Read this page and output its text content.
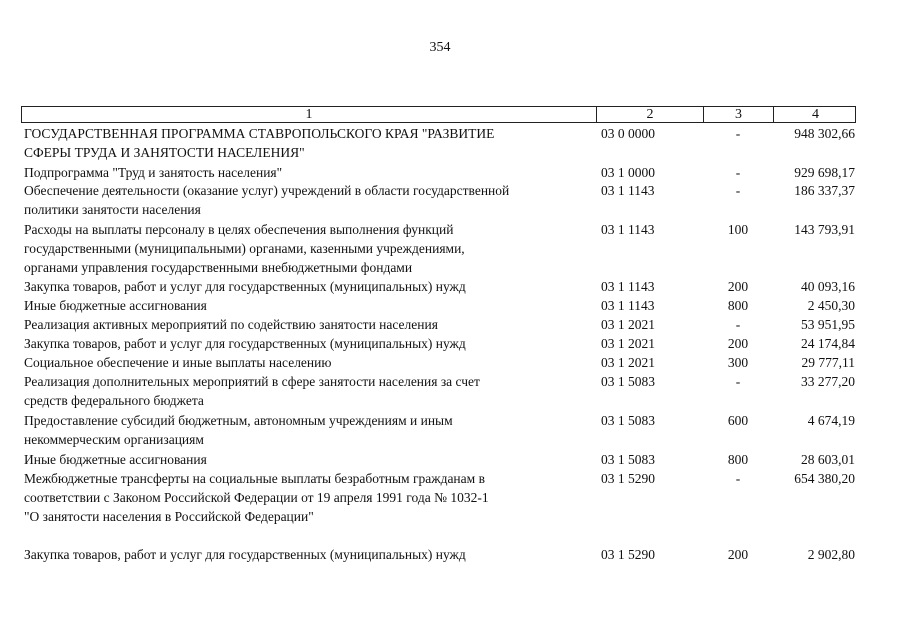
354
1	2	3	4
ГОСУДАРСТВЕННАЯ ПРОГРАММА СТАВРОПОЛЬСКОГО КРАЯ "РАЗВИТИЕ
СФЕРЫ ТРУДА И ЗАНЯТОСТИ НАСЕЛЕНИЯ"
03 0 0000	-	948 302,66
Подпрограмма "Труд и занятость населения"	03 1 0000	-	929 698,17
Обеспечение деятельности (оказание услуг) учреждений в области государственной
политики занятости населения
03 1 1143	-	186 337,37
Расходы на выплаты персоналу в целях обеспечения выполнения функций
государственными (муниципальными) органами, казенными учреждениями,
органами управления государственными внебюджетными фондами
03 1 1143	100	143 793,91
Закупка товаров, работ и услуг для государственных (муниципальных) нужд	03 1 1143	200	40 093,16
Иные бюджетные ассигнования	03 1 1143	800	2 450,30
Реализация активных мероприятий по содействию занятости населения	03 1 2021	-	53 951,95
Закупка товаров, работ и услуг для государственных (муниципальных) нужд	03 1 2021	200	24 174,84
Социальное обеспечение и иные выплаты населению	03 1 2021	300	29 777,11
Реализация дополнительных мероприятий в сфере занятости населения за счет
средств федерального бюджета
03 1 5083	-	33 277,20
Предоставление субсидий бюджетным, автономным учреждениям и иным
некоммерческим организациям
03 1 5083	600	4 674,19
Иные бюджетные ассигнования	03 1 5083	800	28 603,01
Межбюджетные трансферты на социальные выплаты безработным гражданам в
соответствии с Законом Российской Федерации от 19 апреля 1991 года № 1032-1
"О занятости населения в Российской Федерации"
03 1 5290	-	654 380,20
Закупка товаров, работ и услуг для государственных (муниципальных) нужд	03 1 5290	200	2 902,80
